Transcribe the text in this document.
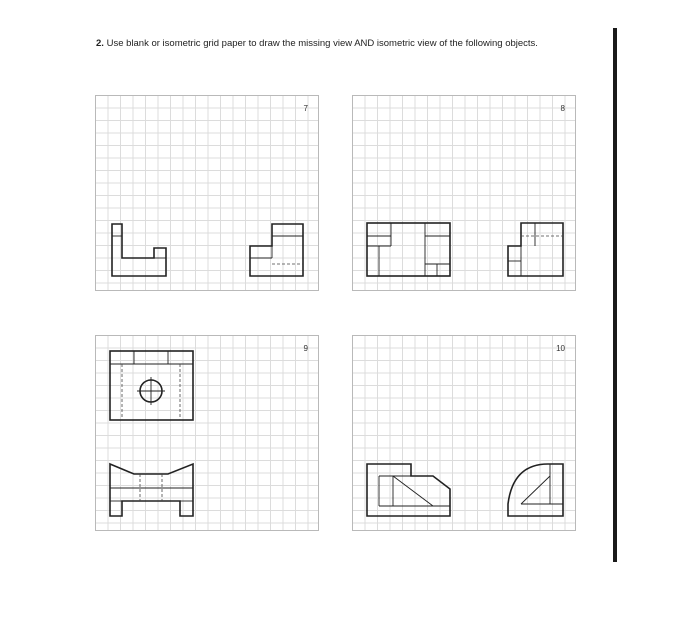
2. Use blank or isometric grid paper to draw the missing view AND isometric view of the following objects.
7	8
9	10
